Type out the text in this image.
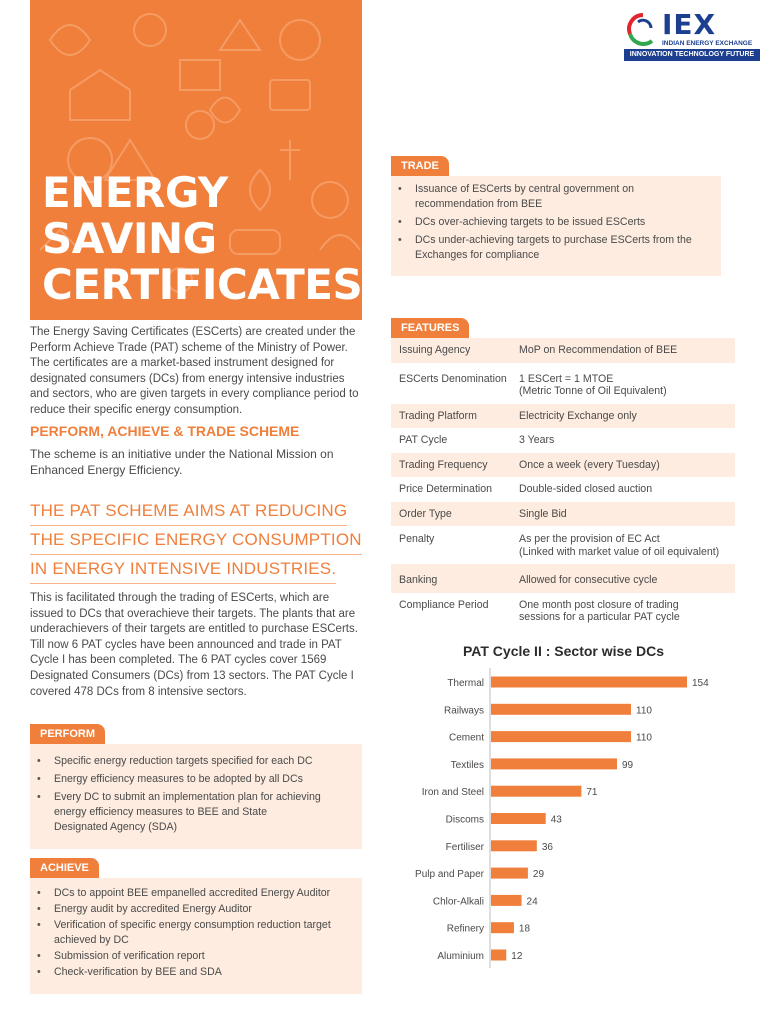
ENERGY
SAVING
CERTIFICATES
IEX
INDIAN ENERGY EXCHANGE
INNOVATION TECHNOLOGY FUTURE

The Energy Saving Certificates (ESCerts) are created under the Perform Achieve Trade (PAT) scheme of the Ministry of Power. The certificates are a market-based instrument designed for designated consumers (DCs) from energy intensive industries and sectors, who are given targets in every compliance period to reduce their specific energy consumption.

PERFORM, ACHIEVE & TRADE SCHEME

The scheme is an initiative under the National Mission on Enhanced Energy Efficiency.

THE PAT SCHEME AIMS AT REDUCING
THE SPECIFIC ENERGY CONSUMPTION
IN ENERGY INTENSIVE INDUSTRIES.

This is facilitated through the trading of ESCerts, which are issued to DCs that overachieve their targets. The plants that are underachievers of their targets are entitled to purchase ESCerts. Till now 6 PAT cycles have been announced and trade in PAT Cycle I has been completed. The 6 PAT cycles cover 1569 Designated Consumers (DCs) from 13 sectors. The PAT Cycle I covered 478 DCs from 8 intensive sectors.

PERFORM
• Specific energy reduction targets specified for each DC
• Energy efficiency measures to be adopted by all DCs
• Every DC to submit an implementation plan for achieving energy efficiency measures to BEE and State Designated Agency (SDA)
ACHIEVE
• DCs to appoint BEE empanelled accredited Energy Auditor
• Energy audit by accredited Energy Auditor
• Verification of specific energy consumption reduction target achieved by DC
• Submission of verification report
• Check-verification by BEE and SDA
TRADE
• Issuance of ESCerts by central government on recommendation from BEE
• DCs over-achieving targets to be issued ESCerts
• DCs under-achieving targets to purchase ESCerts from the Exchanges for compliance
FEATURES
Issuing Agency	MoP on Recommendation of BEE
ESCerts Denomination	1 ESCert = 1 MTOE
(Metric Tonne of Oil Equivalent)
Trading Platform	Electricity Exchange only
PAT Cycle	3 Years
Trading Frequency	Once a week (every Tuesday)
Price Determination	Double-sided closed auction
Order Type	Single Bid
Penalty	As per the provision of EC Act
(Linked with market value of oil equivalent)
Banking	Allowed for consecutive cycle
Compliance Period	One month post closure of trading
sessions for a particular PAT cycle
PAT Cycle II : Sector wise DCs
Thermal	154
Railways	110
Cement	110
Textiles	99
Iron and Steel	71
Discoms	43
Fertiliser	36
Pulp and Paper	29
Chlor-Alkali	24
Refinery	18
Aluminium	12
